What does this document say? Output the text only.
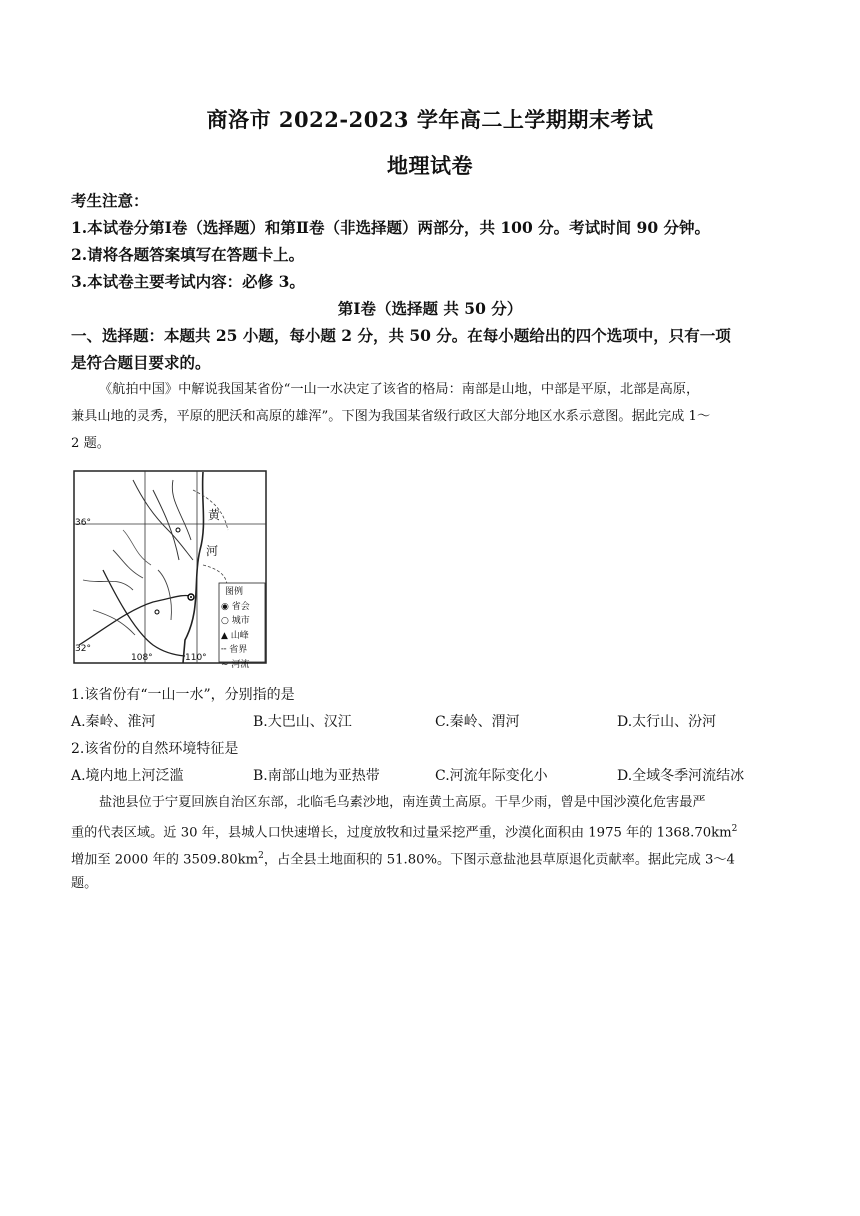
商洛市 2022-2023 学年高二上学期期末考试
地理试卷
考生注意：
1.本试卷分第Ⅰ卷（选择题）和第Ⅱ卷（非选择题）两部分，共 100 分。考试时间 90 分钟。
2.请将各题答案填写在答题卡上。
3.本试卷主要考试内容：必修 3。
第Ⅰ卷（选择题 共 50 分）
一、选择题：本题共 25 小题，每小题 2 分，共 50 分。在每小题给出的四个选项中，只有一项
是符合题目要求的。
《航拍中国》中解说我国某省份“一山一水决定了该省的格局：南部是山地，中部是平原，北部是高原，
兼具山地的灵秀，平原的肥沃和高原的雄浑”。下图为我国某省级行政区大部分地区水系示意图。据此完成 1～
2 题。
36°
32°
108°	110°
黄
河
图例
◉ 省会
○ 城市
▲ 山峰
╌ 省界
∼ 河流
1.该省份有“一山一水”，分别指的是
A.秦岭、淮河	B.大巴山、汉江	C.秦岭、渭河	D.太行山、汾河
2.该省份的自然环境特征是
A.境内地上河泛滥	B.南部山地为亚热带	C.河流年际变化小	D.全域冬季河流结冰
盐池县位于宁夏回族自治区东部，北临毛乌素沙地，南连黄土高原。干旱少雨，曾是中国沙漠化危害最严
重的代表区域。近 30 年，县城人口快速增长，过度放牧和过量采挖严重，沙漠化面积由 1975 年的 $1368.70km^2$
增加至 2000 年的 $3509.80km^2$，占全县土地面积的 51.80%。下图示意盐池县草原退化贡献率。据此完成 3～4
题。
